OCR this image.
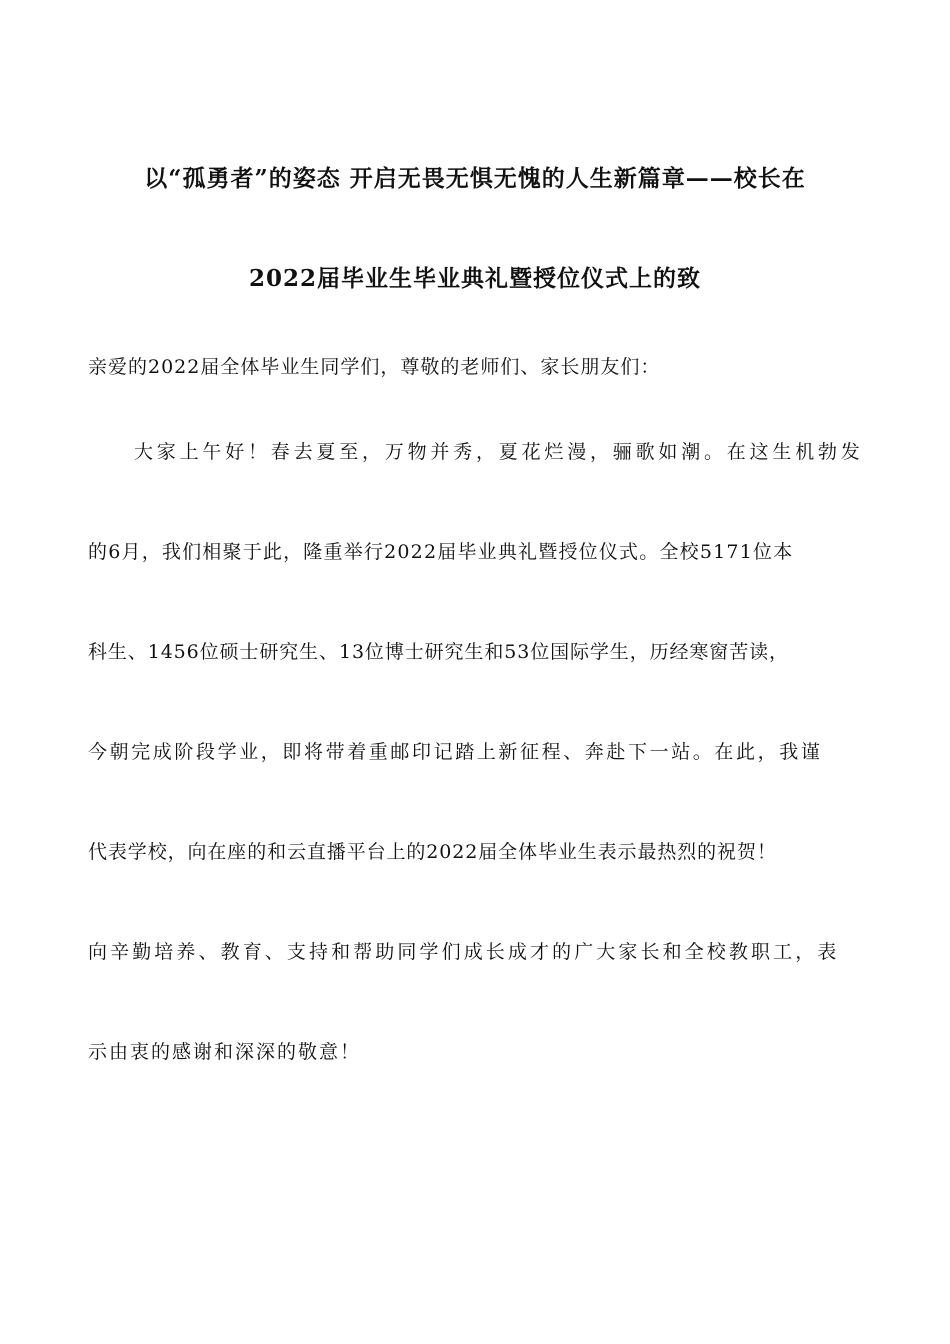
以“孤勇者”的姿态 开启无畏无惧无愧的人生新篇章——校长在
2022届毕业生毕业典礼暨授位仪式上的致
亲爱的2022届全体毕业生同学们，尊敬的老师们、家长朋友们：
大家上午好！春去夏至，万物并秀，夏花烂漫，骊歌如潮。在这生机勃发
的6月，我们相聚于此，隆重举行2022届毕业典礼暨授位仪式。全校5171位本
科生、1456位硕士研究生、13位博士研究生和53位国际学生，历经寒窗苦读，
今朝完成阶段学业，即将带着重邮印记踏上新征程、奔赴下一站。在此，我谨
代表学校，向在座的和云直播平台上的2022届全体毕业生表示最热烈的祝贺！
向辛勤培养、教育、支持和帮助同学们成长成才的广大家长和全校教职工，表
示由衷的感谢和深深的敬意！
